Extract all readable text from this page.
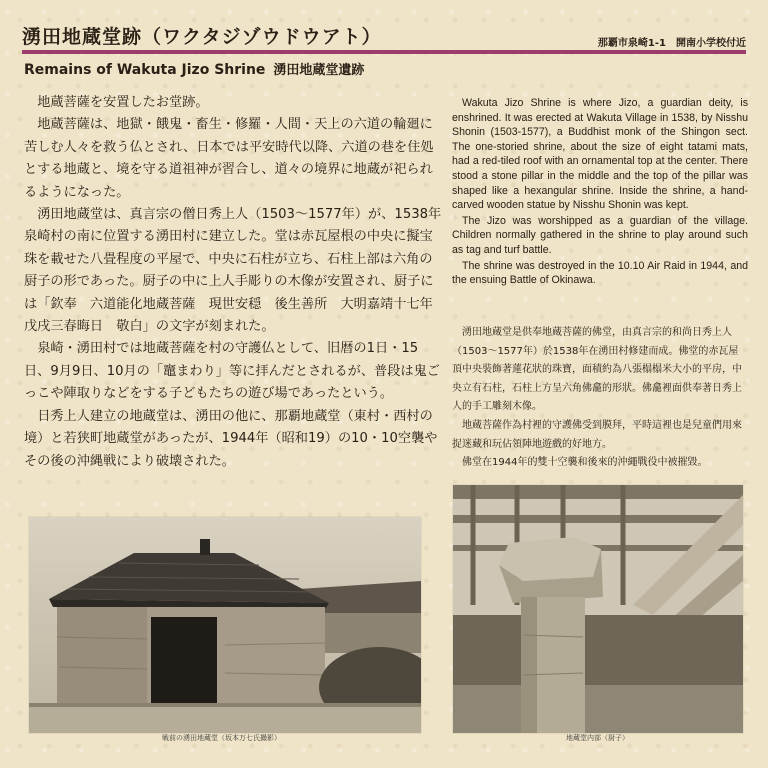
湧田地蔵堂跡（ワクタジゾウドウアト）	那覇市泉崎1-1　開南小学校付近
Remains of Wakuta Jizo Shrine 湧田地蔵堂遺跡

地蔵菩薩を安置したお堂跡。

地蔵菩薩は、地獄・餓鬼・畜生・修羅・人間・天上の六道の輪廻に苦しむ人々を救う仏とされ、日本では平安時代以降、六道の巷を住処とする地蔵と、境を守る道祖神が習合し、道々の境界に地蔵が祀られるようになった。

湧田地蔵堂は、真言宗の僧日秀上人（1503〜1577年）が、1538年泉崎村の南に位置する湧田村に建立した。堂は赤瓦屋根の中央に擬宝珠を載せた八畳程度の平屋で、中央に石柱が立ち、石柱上部は六角の厨子の形であった。厨子の中に上人手彫りの木像が安置され、厨子には「欽奉　六道能化地蔵菩薩　現世安穏　後生善所　大明嘉靖十七年戊戌三春晦日　敬白」の文字が刻まれた。

泉崎・湧田村では地蔵菩薩を村の守護仏として、旧暦の1日・15日、9月9日、10月の「竈まわり」等に拝んだとされるが、普段は鬼ごっこや陣取りなどをする子どもたちの遊び場であったという。

日秀上人建立の地蔵堂は、湧田の他に、那覇地蔵堂（東村・西村の境）と若狭町地蔵堂があったが、1944年（昭和19）の10・10空襲やその後の沖縄戦により破壊された。

Wakuta Jizo Shrine is where Jizo, a guardian deity, is enshrined. It was erected at Wakuta Village in 1538, by Nisshu Shonin (1503-1577), a Buddhist monk of the Shingon sect. The one-storied shrine, about the size of eight tatami mats, had a red-tiled roof with an ornamental top at the center. There stood a stone pillar in the middle and the top of the pillar was shaped like a hexangular shrine. Inside the shrine, a hand-carved wooden statue by Nisshu Shonin was kept.

The Jizo was worshipped as a guardian of the village. Children normally gathered in the shrine to play around such as tag and turf battle.

The shrine was destroyed in the 10.10 Air Raid in 1944, and the ensuing Battle of Okinawa.

湧田地蔵堂是供奉地蔵菩薩的佛堂，由真言宗的和尚日秀上人（1503〜1577年）於1538年在湧田村修建而成。佛堂的赤瓦屋頂中央裝飾著蓮花狀的珠寶，面積約為八張榻榻米大小的平房，中央立有石柱，石柱上方呈六角佛龕的形狀。佛龕裡面供奉著日秀上人的手工雕刻木像。

地蔵菩薩作為村裡的守護佛受到膜拜，平時這裡也是兒童們用來捉迷藏和玩佔領陣地遊戲的好地方。

佛堂在1944年的雙十空襲和後來的沖繩戰役中被摧毀。

戦前の湧田地蔵堂（坂本万七氏撮影）	地蔵堂内部（厨子）
